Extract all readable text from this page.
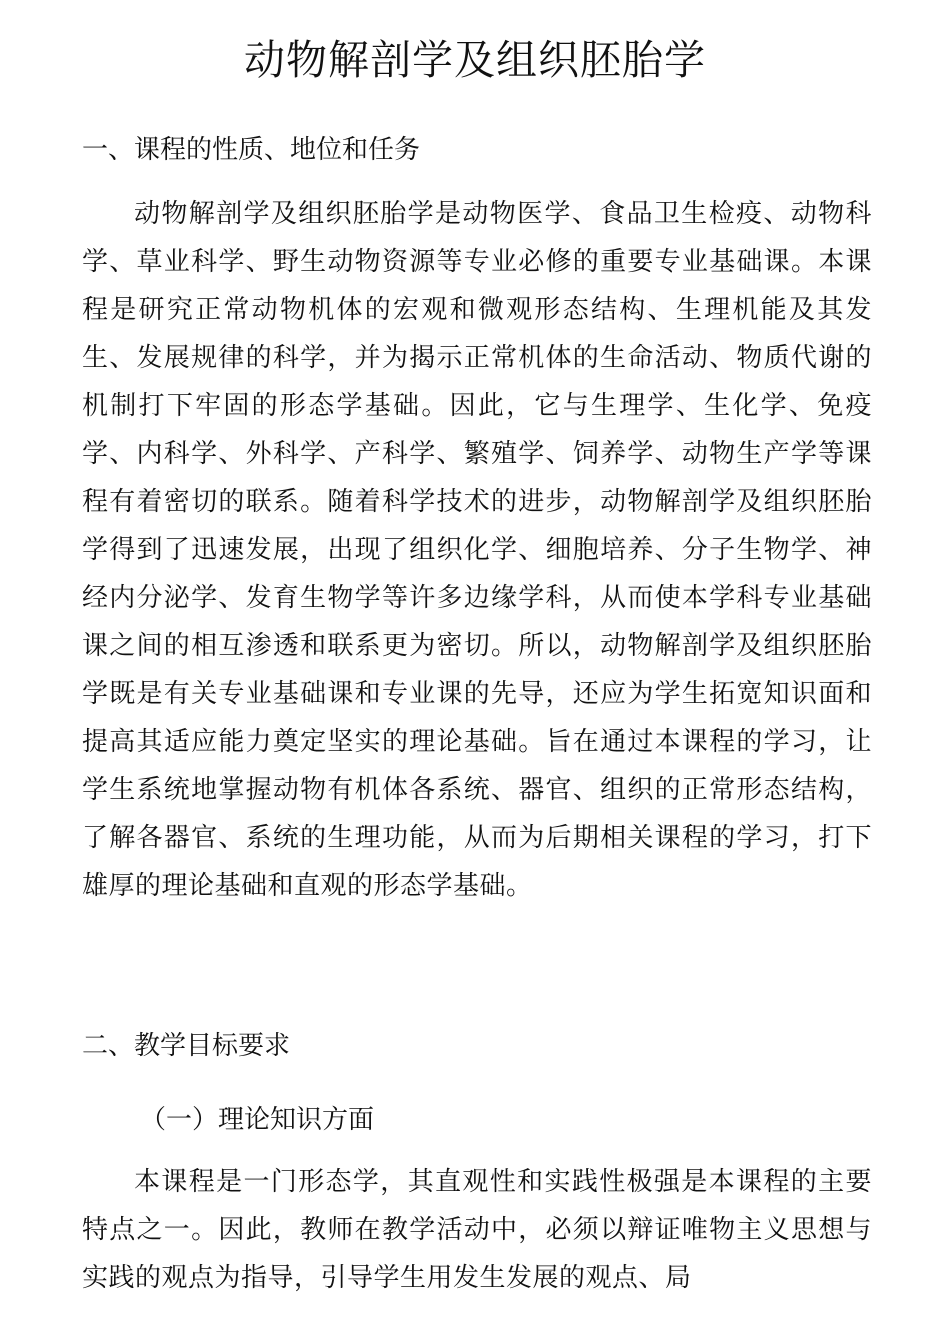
动物解剖学及组织胚胎学
一、课程的性质、地位和任务

动物解剖学及组织胚胎学是动物医学、食品卫生检疫、动物科学、草业科学、野生动物资源等专业必修的重要专业基础课。本课程是研究正常动物机体的宏观和微观形态结构、生理机能及其发生、发展规律的科学，并为揭示正常机体的生命活动、物质代谢的机制打下牢固的形态学基础。因此，它与生理学、生化学、免疫学、内科学、外科学、产科学、繁殖学、饲养学、动物生产学等课程有着密切的联系。随着科学技术的进步，动物解剖学及组织胚胎学得到了迅速发展，出现了组织化学、细胞培养、分子生物学、神经内分泌学、发育生物学等许多边缘学科，从而使本学科专业基础课之间的相互渗透和联系更为密切。所以，动物解剖学及组织胚胎学既是有关专业基础课和专业课的先导，还应为学生拓宽知识面和提高其适应能力奠定坚实的理论基础。旨在通过本课程的学习，让学生系统地掌握动物有机体各系统、器官、组织的正常形态结构，了解各器官、系统的生理功能，从而为后期相关课程的学习，打下雄厚的理论基础和直观的形态学基础。

二、教学目标要求
（一）理论知识方面

本课程是一门形态学，其直观性和实践性极强是本课程的主要特点之一。因此，教师在教学活动中，必须以辩证唯物主义思想与实践的观点为指导，引导学生用发生发展的观点、局
